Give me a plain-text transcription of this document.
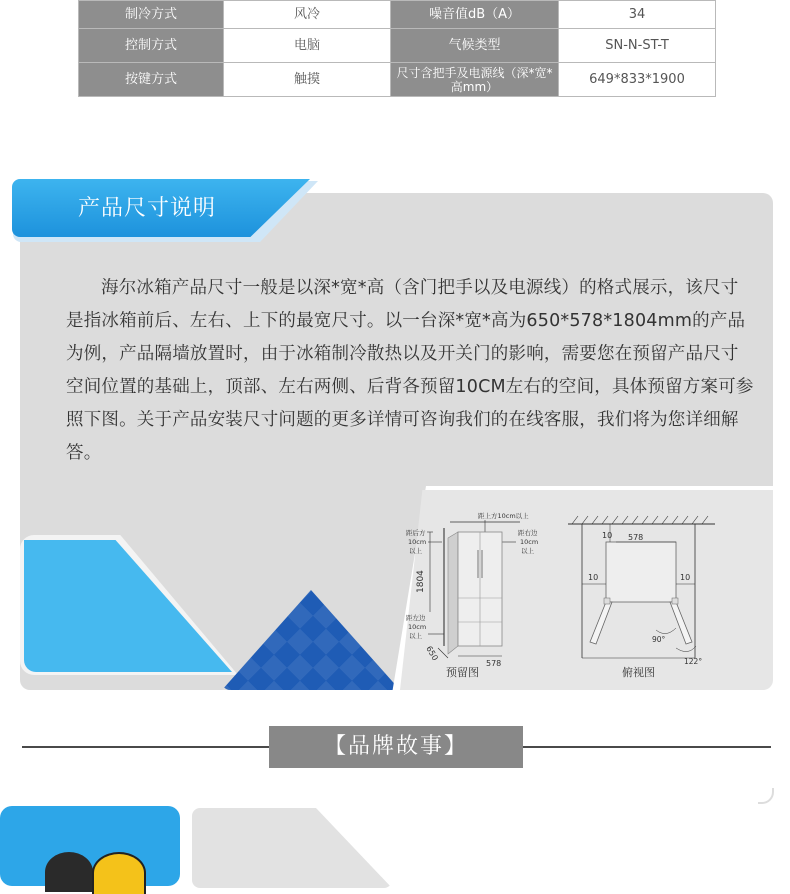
制冷方式	风冷	噪音值dB（A）	34
控制方式	电脑	气候类型	SN-N-ST-T
按键方式	触摸	尺寸含把手及电源线（深*宽*高mm）	649*833*1900
产品尺寸说明

海尔冰箱产品尺寸一般是以深*宽*高（含门把手以及电源线）的格式展示，该尺寸是指冰箱前后、左右、上下的最宽尺寸。以一台深*宽*高为650*578*1804mm的产品为例，产品隔墙放置时，由于冰箱制冷散热以及开关门的影响，需要您在预留产品尺寸空间位置的基础上，顶部、左右两侧、后背各预留10CM左右的空间，具体预留方案可参照下图。关于产品安装尺寸问题的更多详情可咨询我们的在线客服，我们将为您详细解答。

距上方10cm以上
距后方
10cm
以上
距右边
10cm
以上
1804
距左边
10cm
以上
650
578
预留图
10 578
10	10
90°
122°
俯视图
【品牌故事】
